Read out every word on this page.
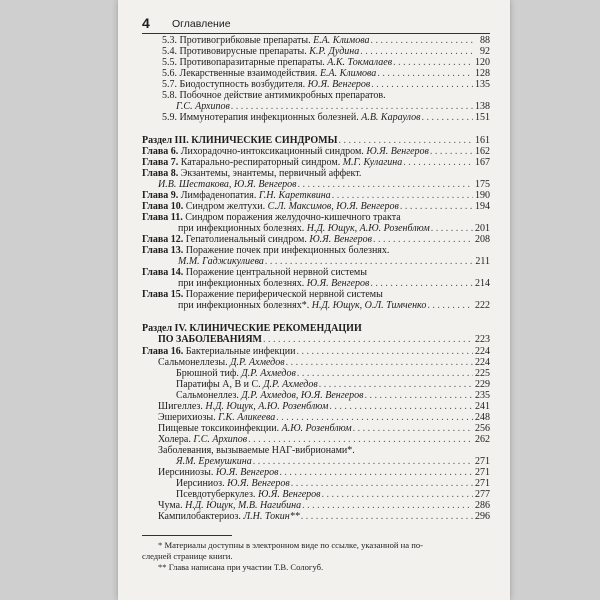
4 Оглавление
5.3. Противогрибковые препараты. Е.А. Климова . . .	88
5.4. Противовирусные препараты. К.Р. Дудина . . .	92
5.5. Противопаразитарные препараты. А.К. Токмалаев . . .	120
5.6. Лекарственные взаимодействия. Е.А. Климова . . .	128
5.7. Биодоступность возбудителя. Ю.Я. Венгеров . . .	135
5.8. Побочное действие антимикробных препаратов.
Г.С. Архипов . . .	138
5.9. Иммунотерапия инфекционных болезней. А.В. Караулов . . .	151
Раздел III. КЛИНИЧЕСКИЕ СИНДРОМЫ . . .	161
Глава 6. Лихорадочно-интоксикационный синдром. Ю.Я. Венгеров . . .	162
Глава 7. Катарально-респираторный синдром. М.Г. Кулагина . . .	167
Глава 8. Экзантемы, энантемы, первичный аффект.
И.В. Шестакова, Ю.Я. Венгеров . . .	175
Глава 9. Лимфаденопатия. Г.Н. Каретквина . . .	190
Глава 10. Синдром желтухи. С.Л. Максимов, Ю.Я. Венгеров . . .	194
Глава 11. Синдром поражения желудочно-кишечного тракта
при инфекционных болезнях. Н.Д. Ющук, А.Ю. Розенблюм . . .	201
Глава 12. Гепатолиенальный синдром. Ю.Я. Венгеров . . .	208
Глава 13. Поражение почек при инфекционных болезнях.
М.М. Гаджикулиева . . .	211
Глава 14. Поражение центральной нервной системы
при инфекционных болезнях. Ю.Я. Венгеров . . .	214
Глава 15. Поражение периферической нервной системы
при инфекционных болезнях*. Н.Д. Ющук, О.Л. Тимченко . . .	222
Раздел IV. КЛИНИЧЕСКИЕ РЕКОМЕНДАЦИИ
ПО ЗАБОЛЕВАНИЯМ . . .	223
Глава 16. Бактериальные инфекции . . .	224
Сальмонеллезы. Д.Р. Ахмедов . . .	224
Брюшной тиф. Д.Р. Ахмедов . . .	225
Паратифы А, В и С. Д.Р. Ахмедов . . .	229
Сальмонеллез. Д.Р. Ахмедов, Ю.Я. Венгеров . . .	235
Шигеллез. Н.Д. Ющук, А.Ю. Розенблюм . . .	241
Эшерихиозы. Г.К. Аликеева . . .	248
Пищевые токсикоинфекции. А.Ю. Розенблюм . . .	256
Холера. Г.С. Архипов . . .	262
Заболевания, вызываемые НАГ-вибрионами*.
Я.М. Еремушкина . . .	271
Иерсиниозы. Ю.Я. Венгеров . . .	271
Иерсиниоз. Ю.Я. Венгеров . . .	271
Псевдотуберкулез. Ю.Я. Венгеров . . .	277
Чума. Н.Д. Ющук, М.В. Нагибина . . .	286
Кампилобактериоз. Л.Н. Токин** . . .	296
* Материалы доступны в электронном виде по ссылке, указанной на по-
следней странице книги.
** Глава написана при участии Т.В. Сологуб.
